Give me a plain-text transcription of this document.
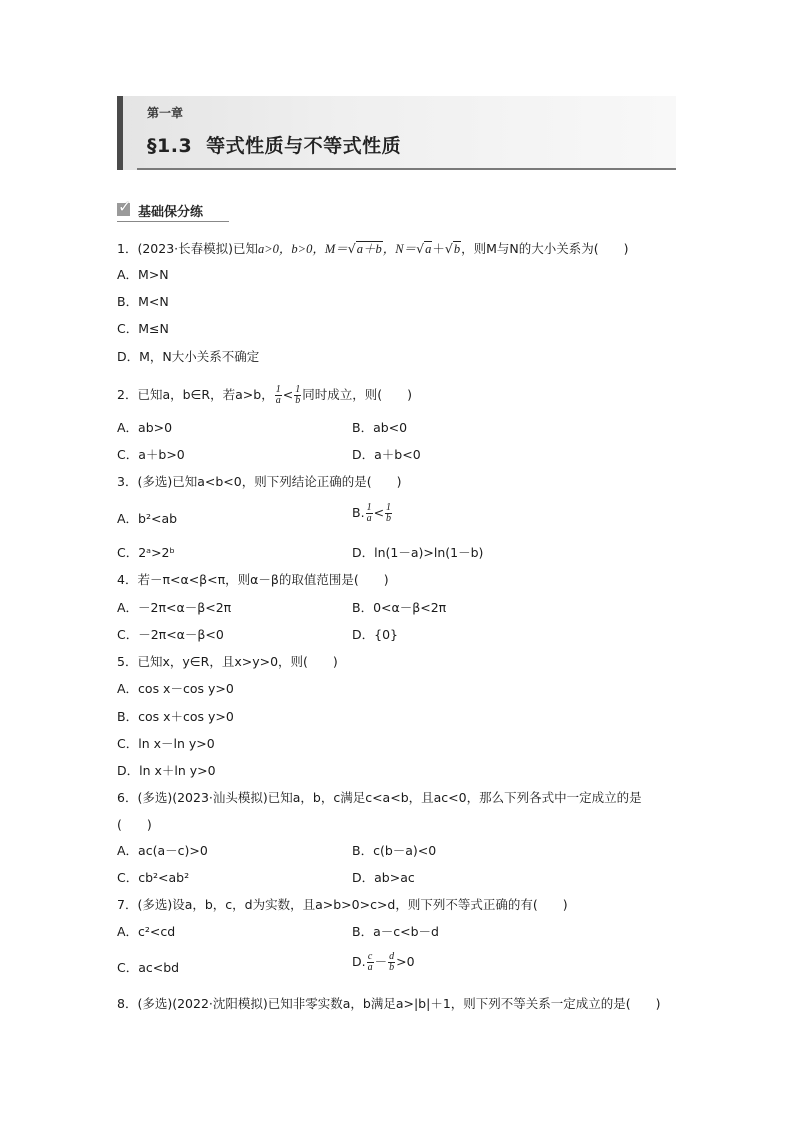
第一章
§1.3 等式性质与不等式性质
✓ 基础保分练
1．(2023·长春模拟)已知a>0，b>0，M＝√a＋b，N＝√a＋√b，则M与N的大小关系为(　　)
A．M>N
B．M<N
C．M≤N
D．M，N大小关系不确定
2．已知a，b∈R，若a>b， $\frac{1}{a} < \frac{1}{b}$ 同时成立，则(　　)
A．ab>0	B．ab<0
C．a＋b>0	D．a＋b<0
3．(多选)已知a<b<0，则下列结论正确的是(　　)
A．b²<ab	B. $\frac{1}{a} < \frac{1}{b}$
C．2ᵃ>2ᵇ	D．ln(1－a)>ln(1－b)
4．若－π<α<β<π，则α－β的取值范围是(　　)
A．－2π<α－β<2π	B．0<α－β<2π
C．－2π<α－β<0	D．{0}
5．已知x，y∈R，且x>y>0，则(　　)
A．cos x－cos y>0
B．cos x＋cos y>0
C．ln x－ln y>0
D．ln x＋ln y>0
6．(多选)(2023·汕头模拟)已知a，b，c满足c<a<b，且ac<0，那么下列各式中一定成立的是
(　　)
A．ac(a－c)>0	B．c(b－a)<0
C．cb²<ab²	D．ab>ac
7．(多选)设a，b，c，d为实数，且a>b>0>c>d，则下列不等式正确的有(　　)
A．c²<cd	B．a－c<b－d
C．ac<bd	D. $\frac{c}{a} - \frac{d}{b} >0$
8．(多选)(2022·沈阳模拟)已知非零实数a，b满足a>|b|＋1，则下列不等关系一定成立的是(　　)
